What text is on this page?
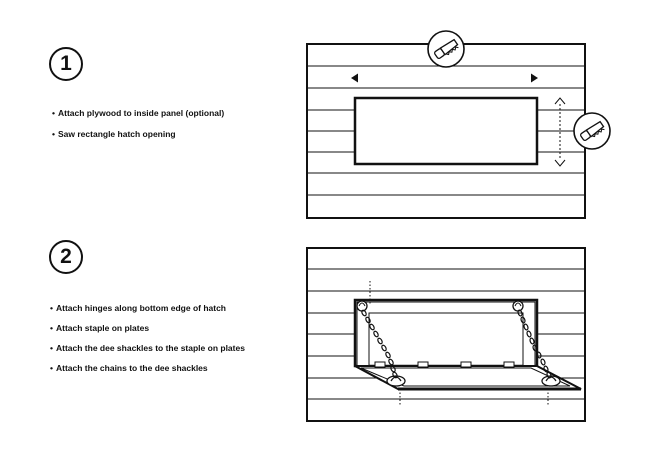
1
• Attach plywood to inside panel (optional)
• Saw rectangle hatch opening
2
• Attach hinges along bottom edge of hatch
• Attach staple on plates
• Attach the dee shackles to the staple on plates
• Attach the chains to the dee shackles
